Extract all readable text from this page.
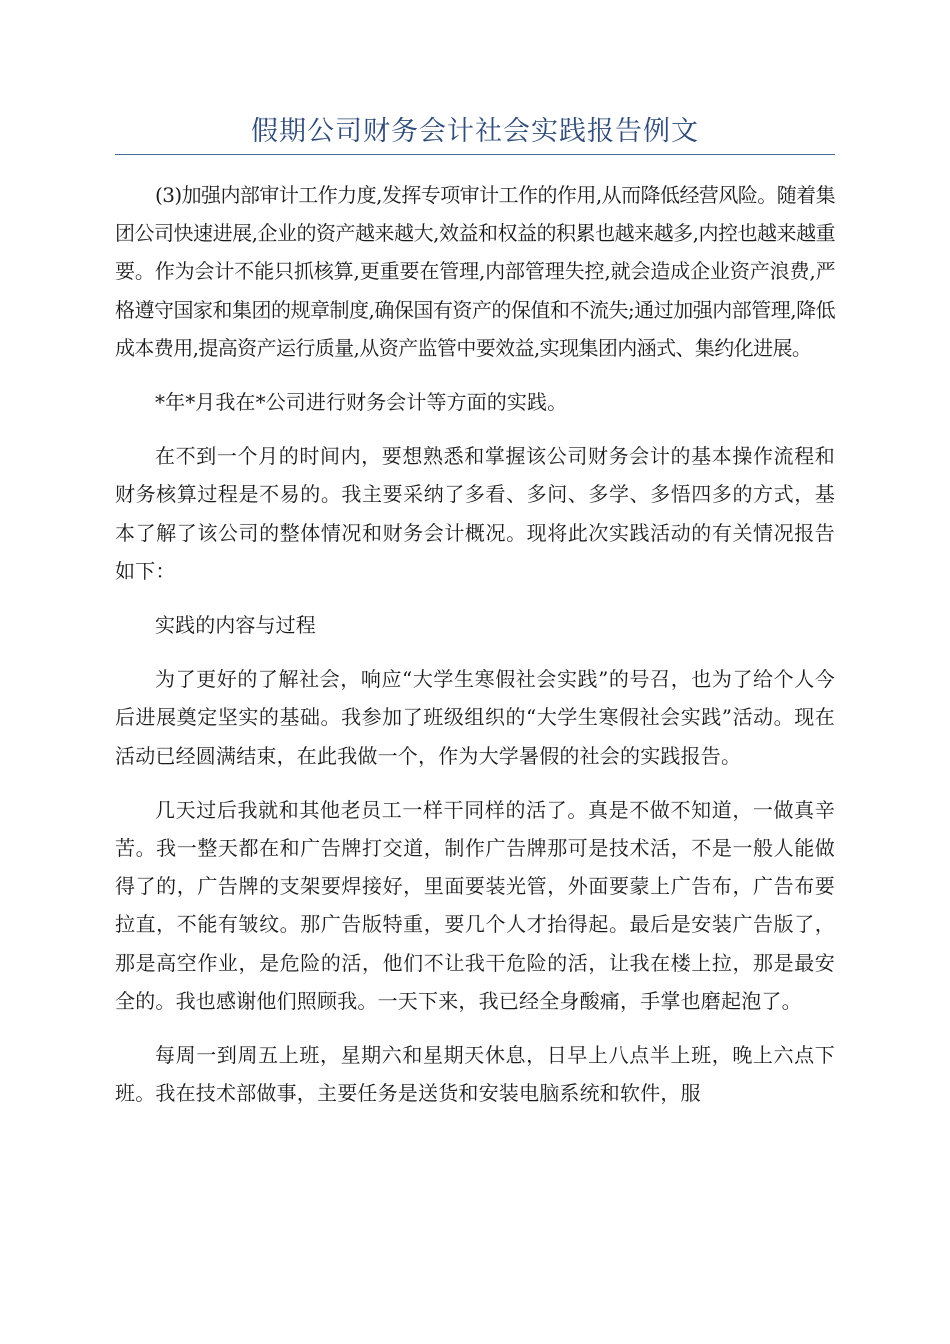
假期公司财务会计社会实践报告例文

(3)加强内部审计工作力度,发挥专项审计工作的作用,从而降低经营风险。随着集团公司快速进展,企业的资产越来越大,效益和权益的积累也越来越多,内控也越来越重要。作为会计不能只抓核算,更重要在管理,内部管理失控,就会造成企业资产浪费,严格遵守国家和集团的规章制度,确保国有资产的保值和不流失;通过加强内部管理,降低成本费用,提高资产运行质量,从资产监管中要效益,实现集团内涵式、集约化进展。

*年*月我在*公司进行财务会计等方面的实践。

在不到一个月的时间内，要想熟悉和掌握该公司财务会计的基本操作流程和财务核算过程是不易的。我主要采纳了多看、多问、多学、多悟四多的方式，基本了解了该公司的整体情况和财务会计概况。现将此次实践活动的有关情况报告如下：

实践的内容与过程

为了更好的了解社会，响应“大学生寒假社会实践”的号召，也为了给个人今后进展奠定坚实的基础。我参加了班级组织的“大学生寒假社会实践”活动。现在活动已经圆满结束，在此我做一个，作为大学暑假的社会的实践报告。

几天过后我就和其他老员工一样干同样的活了。真是不做不知道，一做真辛苦。我一整天都在和广告牌打交道，制作广告牌那可是技术活，不是一般人能做得了的，广告牌的支架要焊接好，里面要装光管，外面要蒙上广告布，广告布要拉直，不能有皱纹。那广告版特重，要几个人才抬得起。最后是安装广告版了，那是高空作业，是危险的活，他们不让我干危险的活，让我在楼上拉，那是最安全的。我也感谢他们照顾我。一天下来，我已经全身酸痛，手掌也磨起泡了。

每周一到周五上班，星期六和星期天休息，日早上八点半上班，晚上六点下班。我在技术部做事，主要任务是送货和安装电脑系统和软件，服
